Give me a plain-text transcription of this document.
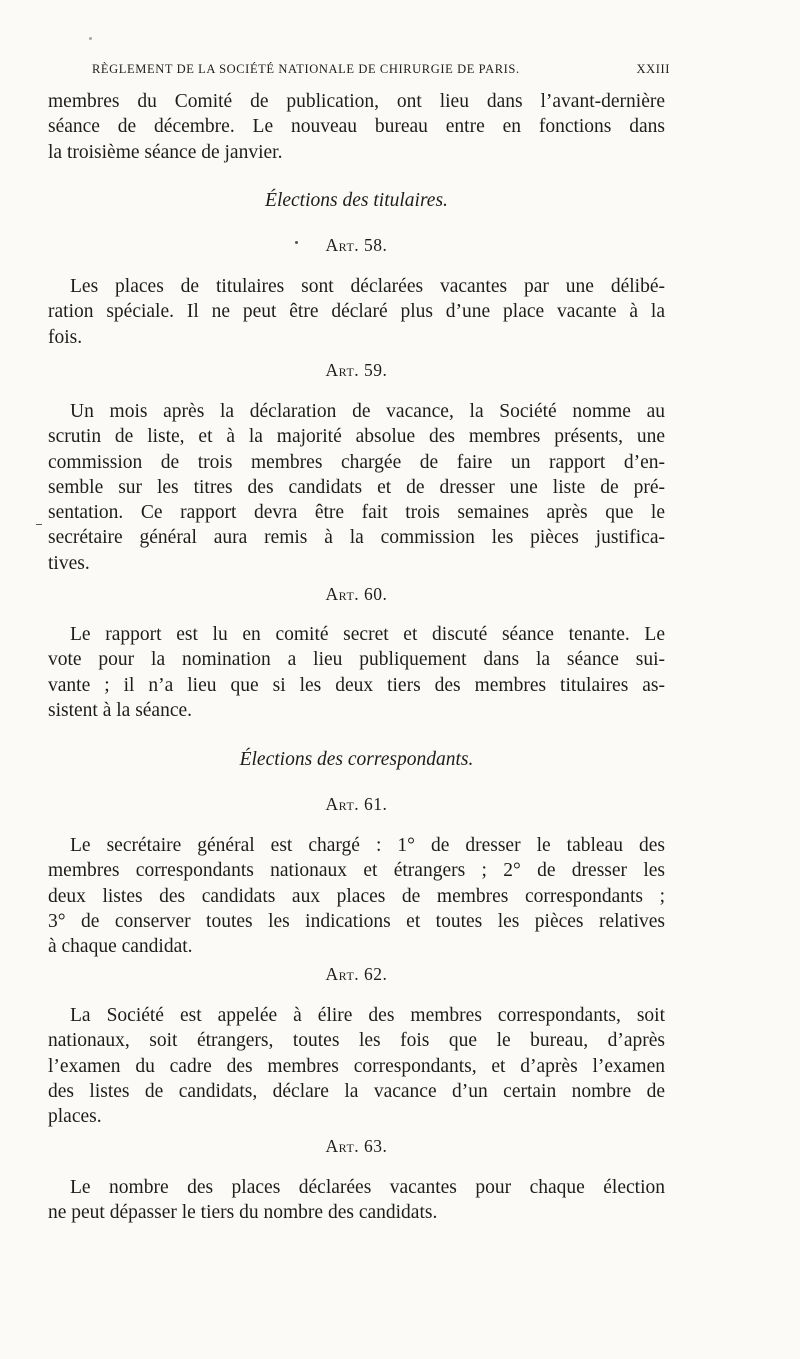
RÈGLEMENT DE LA SOCIÉTÉ NATIONALE DE CHIRURGIE DE PARIS.	XXIII
membres du Comité de publication, ont lieu dans l’avant-dernière
séance de décembre. Le nouveau bureau entre en fonctions dans
la troisième séance de janvier.
Élections des titulaires.
Art. 58.
Les places de titulaires sont déclarées vacantes par une délibé-
ration spéciale. Il ne peut être déclaré plus d’une place vacante à la
fois.
Art. 59.
Un mois après la déclaration de vacance, la Société nomme au
scrutin de liste, et à la majorité absolue des membres présents, une
commission de trois membres chargée de faire un rapport d’en-
semble sur les titres des candidats et de dresser une liste de pré-
sentation. Ce rapport devra être fait trois semaines après que le
secrétaire général aura remis à la commission les pièces justifica-
tives.
Art. 60.
Le rapport est lu en comité secret et discuté séance tenante. Le
vote pour la nomination a lieu publiquement dans la séance sui-
vante ; il n’a lieu que si les deux tiers des membres titulaires as-
sistent à la séance.
Élections des correspondants.
Art. 61.
Le secrétaire général est chargé : 1° de dresser le tableau des
membres correspondants nationaux et étrangers ; 2° de dresser les
deux listes des candidats aux places de membres correspondants ;
3° de conserver toutes les indications et toutes les pièces relatives
à chaque candidat.
Art. 62.
La Société est appelée à élire des membres correspondants, soit
nationaux, soit étrangers, toutes les fois que le bureau, d’après
l’examen du cadre des membres correspondants, et d’après l’examen
des listes de candidats, déclare la vacance d’un certain nombre de
places.
Art. 63.
Le nombre des places déclarées vacantes pour chaque élection
ne peut dépasser le tiers du nombre des candidats.
